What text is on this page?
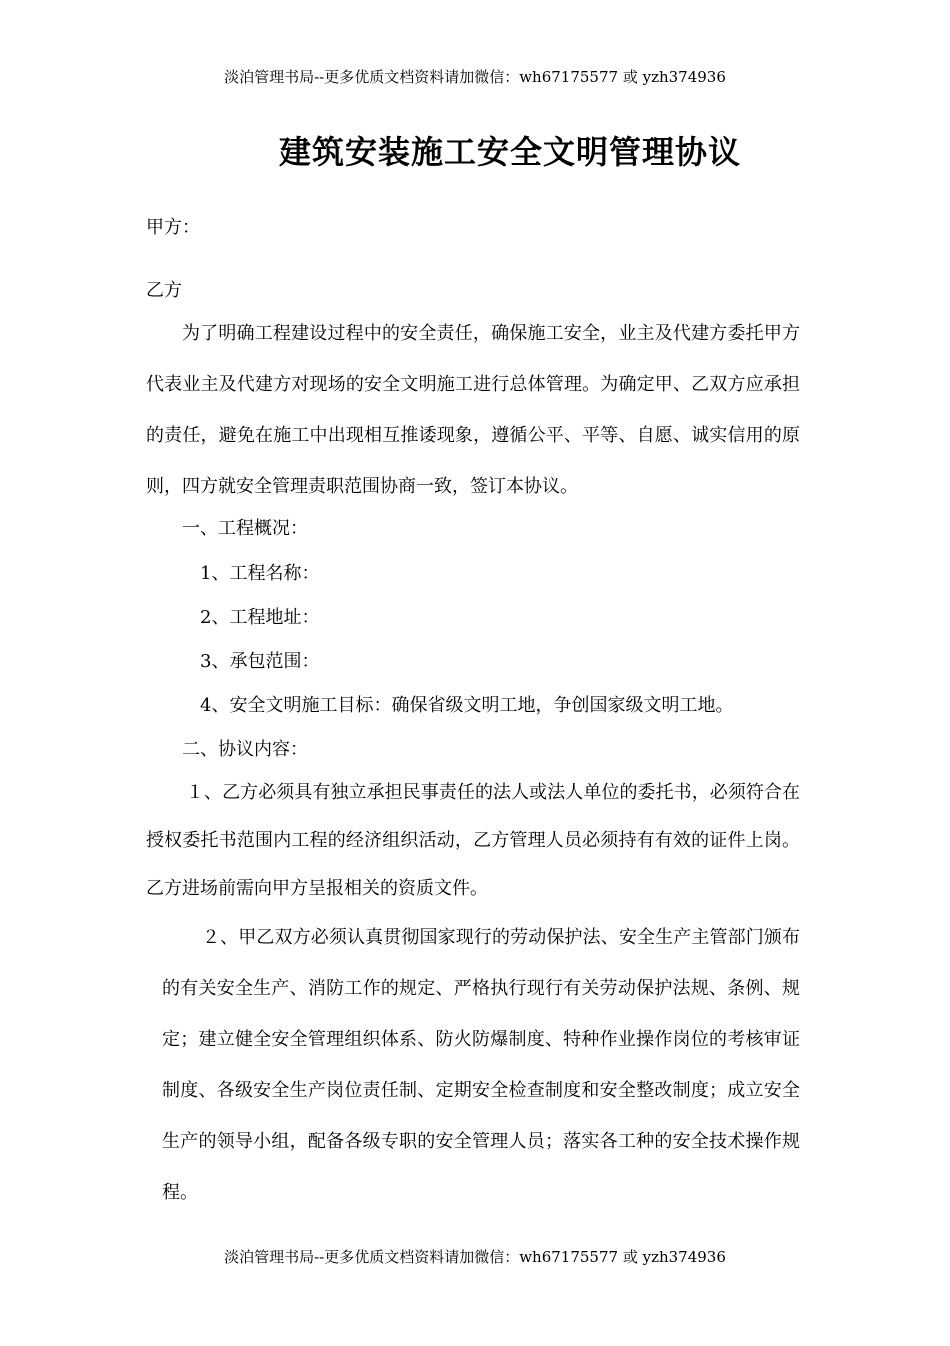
淡泊管理书局--更多优质文档资料请加微信：wh67175577 或 yzh374936
建筑安装施工安全文明管理协议
甲方：
乙方
为了明确工程建设过程中的安全责任，确保施工安全，业主及代建方委托甲方代表业主及代建方对现场的安全文明施工进行总体管理。为确定甲、乙双方应承担的责任，避免在施工中出现相互推诿现象，遵循公平、平等、自愿、诚实信用的原则，四方就安全管理责职范围协商一致，签订本协议。
一、工程概况：
1、工程名称：
2、工程地址：
3、承包范围：
4、安全文明施工目标：确保省级文明工地，争创国家级文明工地。
二、协议内容：
１、乙方必须具有独立承担民事责任的法人或法人单位的委托书，必须符合在授权委托书范围内工程的经济组织活动，乙方管理人员必须持有有效的证件上岗。乙方进场前需向甲方呈报相关的资质文件。
２、甲乙双方必须认真贯彻国家现行的劳动保护法、安全生产主管部门颁布的有关安全生产、消防工作的规定、严格执行现行有关劳动保护法规、条例、规定；建立健全安全管理组织体系、防火防爆制度、特种作业操作岗位的考核审证制度、各级安全生产岗位责任制、定期安全检查制度和安全整改制度；成立安全生产的领导小组，配备各级专职的安全管理人员；落实各工种的安全技术操作规程。
淡泊管理书局--更多优质文档资料请加微信：wh67175577 或 yzh374936
